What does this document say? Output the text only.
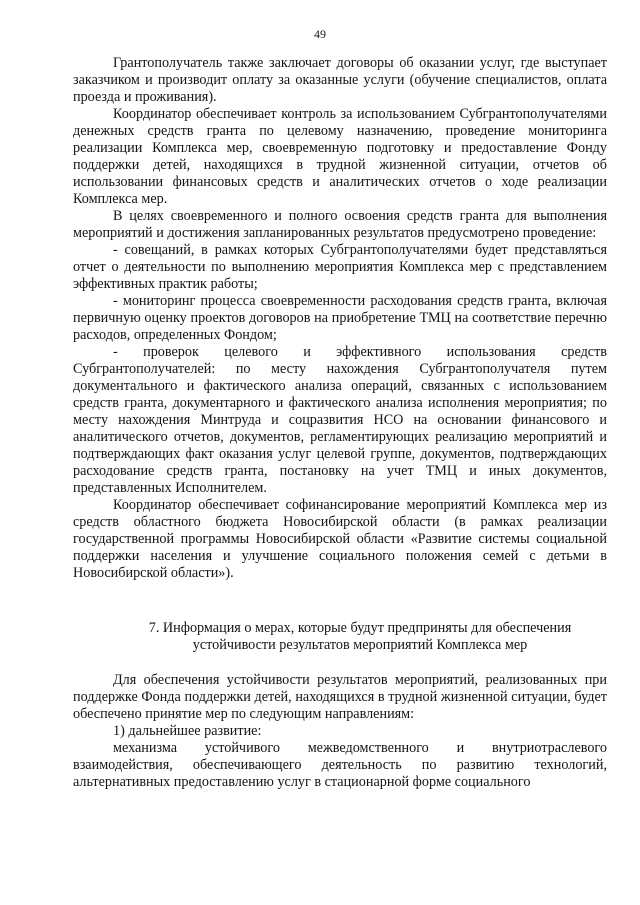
49

Грантополучатель также заключает договоры об оказании услуг, где выступает заказчиком и производит оплату за оказанные услуги (обучение специалистов, оплата проезда и проживания).

Координатор обеспечивает контроль за использованием Субгрантополучателями денежных средств гранта по целевому назначению, проведение мониторинга реализации Комплекса мер, своевременную подготовку и предоставление Фонду поддержки детей, находящихся в трудной жизненной ситуации, отчетов об использовании финансовых средств и аналитических отчетов о ходе реализации Комплекса мер.

В целях своевременного и полного освоения средств гранта для выполнения мероприятий и достижения запланированных результатов предусмотрено проведение:

- совещаний, в рамках которых Субгрантополучателями будет представляться отчет о деятельности по выполнению мероприятия Комплекса мер с представлением эффективных практик работы;

- мониторинг процесса своевременности расходования средств гранта, включая первичную оценку проектов договоров на приобретение ТМЦ на соответствие перечню расходов, определенных Фондом;

- проверок целевого и эффективного использования средств Субгрантополучателей: по месту нахождения Субгрантополучателя путем документального и фактического анализа операций, связанных с использованием средств гранта, документарного и фактического анализа исполнения мероприятия; по месту нахождения Минтруда и соцразвития НСО на основании финансового и аналитического отчетов, документов, регламентирующих реализацию мероприятий и подтверждающих факт оказания услуг целевой группе, документов, подтверждающих расходование средств гранта, постановку на учет ТМЦ и иных документов, представленных Исполнителем.

Координатор обеспечивает софинансирование мероприятий Комплекса мер из средств областного бюджета Новосибирской области (в рамках реализации государственной программы Новосибирской области «Развитие системы социальной поддержки населения и улучшение социального положения семей с детьми в Новосибирской области»).

7. Информация о мерах, которые будут предприняты для обеспечения

устойчивости результатов мероприятий Комплекса мер

Для обеспечения устойчивости результатов мероприятий, реализованных при поддержке Фонда поддержки детей, находящихся в трудной жизненной ситуации, будет обеспечено принятие мер по следующим направлениям:

1) дальнейшее развитие:

механизма устойчивого межведомственного и внутриотраслевого взаимодействия, обеспечивающего деятельность по развитию технологий, альтернативных предоставлению услуг в стационарной форме социального
